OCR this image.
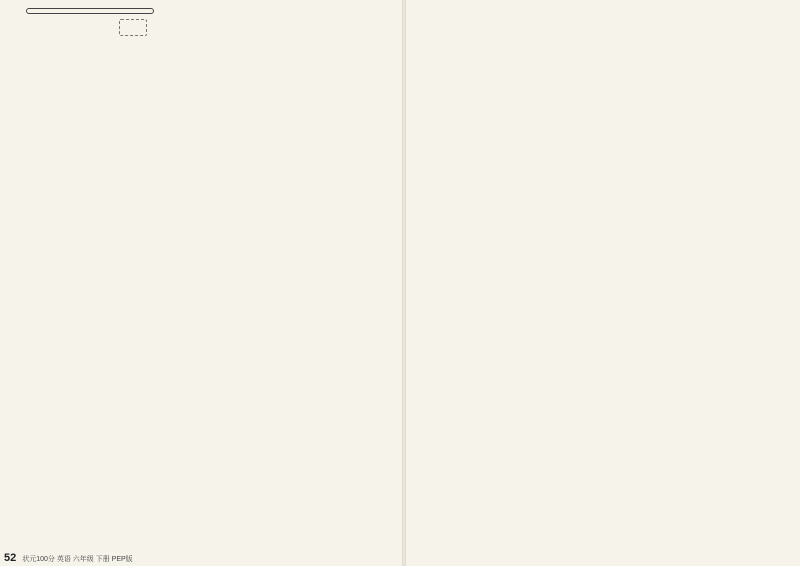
52 状元100分 英语 六年级 下册 PEP版
